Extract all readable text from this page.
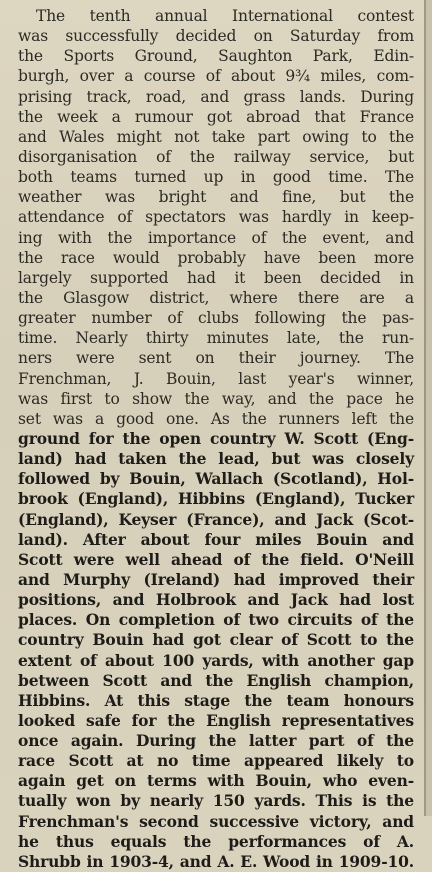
The tenth annual International contest
was successfully decided on Saturday from
the Sports Ground, Saughton Park, Edin-
burgh, over a course of about 9¾ miles, com-
prising track, road, and grass lands. During
the week a rumour got abroad that France
and Wales might not take part owing to the
disorganisation of the railway service, but
both teams turned up in good time. The
weather was bright and fine, but the
attendance of spectators was hardly in keep-
ing with the importance of the event, and
the race would probably have been more
largely supported had it been decided in
the Glasgow district, where there are a
greater number of clubs following the pas-
time. Nearly thirty minutes late, the run-
ners were sent on their journey. The
Frenchman, J. Bouin, last year's winner,
was first to show the way, and the pace he
set was a good one. As the runners left the
ground for the open country W. Scott (Eng-
land) had taken the lead, but was closely
followed by Bouin, Wallach (Scotland), Hol-
brook (England), Hibbins (England), Tucker
(England), Keyser (France), and Jack (Scot-
land). After about four miles Bouin and
Scott were well ahead of the field. O'Neill
and Murphy (Ireland) had improved their
positions, and Holbrook and Jack had lost
places. On completion of two circuits of the
country Bouin had got clear of Scott to the
extent of about 100 yards, with another gap
between Scott and the English champion,
Hibbins. At this stage the team honours
looked safe for the English representatives
once again. During the latter part of the
race Scott at no time appeared likely to
again get on terms with Bouin, who even-
tually won by nearly 150 yards. This is the
Frenchman's second successive victory, and
he thus equals the performances of A.
Shrubb in 1903-4, and A. E. Wood in 1909-10.
